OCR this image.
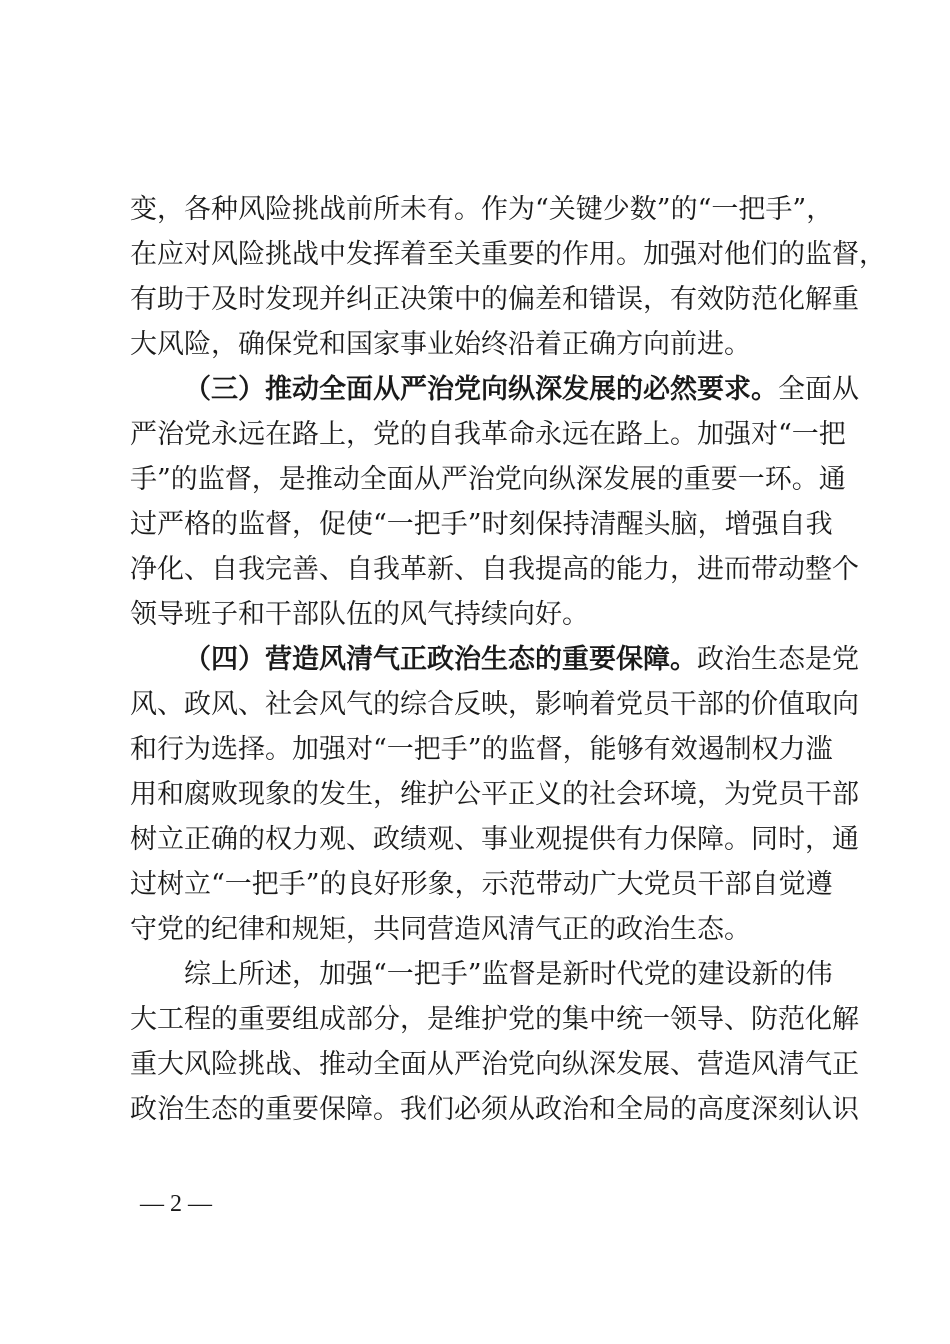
变，各种风险挑战前所未有。作为“关键少数”的“一把手”，
在应对风险挑战中发挥着至关重要的作用。加强对他们的监督，
有助于及时发现并纠正决策中的偏差和错误，有效防范化解重
大风险，确保党和国家事业始终沿着正确方向前进。
（三）推动全面从严治党向纵深发展的必然要求。全面从
严治党永远在路上，党的自我革命永远在路上。加强对“一把
手”的监督，是推动全面从严治党向纵深发展的重要一环。通
过严格的监督，促使“一把手”时刻保持清醒头脑，增强自我
净化、自我完善、自我革新、自我提高的能力，进而带动整个
领导班子和干部队伍的风气持续向好。
（四）营造风清气正政治生态的重要保障。政治生态是党
风、政风、社会风气的综合反映，影响着党员干部的价值取向
和行为选择。加强对“一把手”的监督，能够有效遏制权力滥
用和腐败现象的发生，维护公平正义的社会环境，为党员干部
树立正确的权力观、政绩观、事业观提供有力保障。同时，通
过树立“一把手”的良好形象，示范带动广大党员干部自觉遵
守党的纪律和规矩，共同营造风清气正的政治生态。
综上所述，加强“一把手”监督是新时代党的建设新的伟
大工程的重要组成部分，是维护党的集中统一领导、防范化解
重大风险挑战、推动全面从严治党向纵深发展、营造风清气正
政治生态的重要保障。我们必须从政治和全局的高度深刻认识
— 2 —
